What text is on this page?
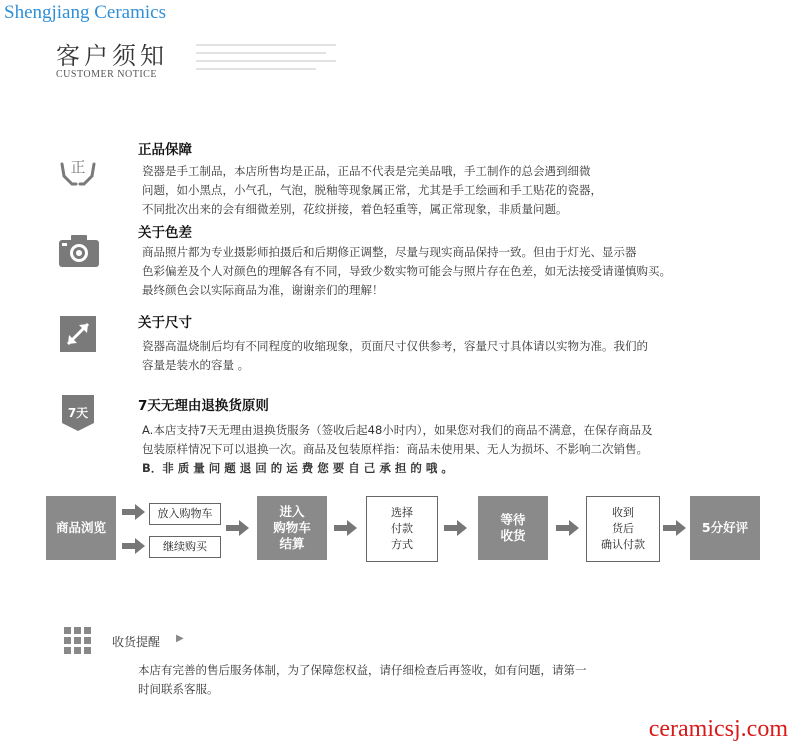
Shengjiang Ceramics
客户须知
CUSTOMER NOTICE
正
正品保障
瓷器是手工制品，本店所售均是正品，正品不代表是完美品哦，手工制作的总会遇到细微
问题，如小黑点，小气孔，气泡，脱釉等现象属正常，尤其是手工绘画和手工贴花的瓷器，
不同批次出来的会有细微差别，花纹拼接，着色轻重等，属正常现象，非质量问题。
关于色差
商品照片都为专业摄影师拍摄后和后期修正调整，尽量与现实商品保持一致。但由于灯光、显示器
色彩偏差及个人对颜色的理解各有不同，导致少数实物可能会与照片存在色差，如无法接受请谨慎购买。
最终颜色会以实际商品为准，谢谢亲们的理解！
关于尺寸
瓷器高温烧制后均有不同程度的收缩现象，页面尺寸仅供参考，容量尺寸具体请以实物为准。我们的
容量是装水的容量 。
7天	7天无理由退换货原则
A.本店支持7天无理由退换货服务（签收后起48小时内），如果您对我们的商品不满意，在保存商品及
包装原样情况下可以退换一次。商品及包装原样指：商品未使用果、无人为损坏、不影响二次销售。
B．非 质 量 问 题 退 回 的 运 费 您 要 自 己 承 担 的 哦 。
商品浏览
放入购物车
继续购买
进入
购物车
结算
选择
付款
方式
等待
收货
收到
货后
确认付款
5分好评
收货提醒 ▶
本店有完善的售后服务体制，为了保障您权益，请仔细检查后再签收，如有问题，请第一
时间联系客服。
ceramicsj.com
